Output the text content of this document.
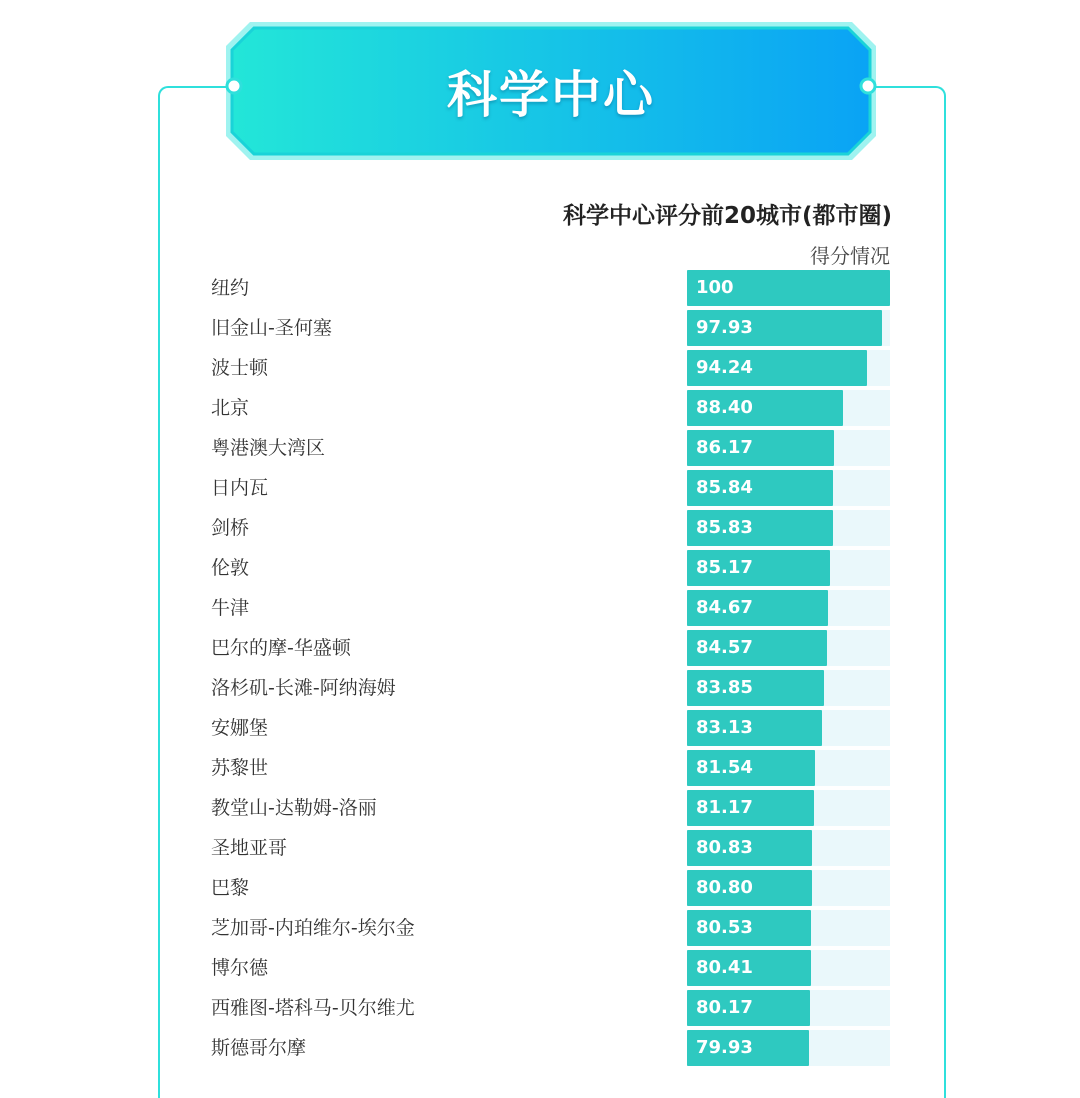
科学中心
科学中心评分前20城市(都市圈)
得分情况
纽约	100
旧金山-圣何塞	97.93
波士顿	94.24
北京	88.40
粤港澳大湾区	86.17
日内瓦	85.84
剑桥	85.83
伦敦	85.17
牛津	84.67
巴尔的摩-华盛顿	84.57
洛杉矶-长滩-阿纳海姆	83.85
安娜堡	83.13
苏黎世	81.54
教堂山-达勒姆-洛丽	81.17
圣地亚哥	80.83
巴黎	80.80
芝加哥-内珀维尔-埃尔金	80.53
博尔德	80.41
西雅图-塔科马-贝尔维尤	80.17
斯德哥尔摩	79.93
